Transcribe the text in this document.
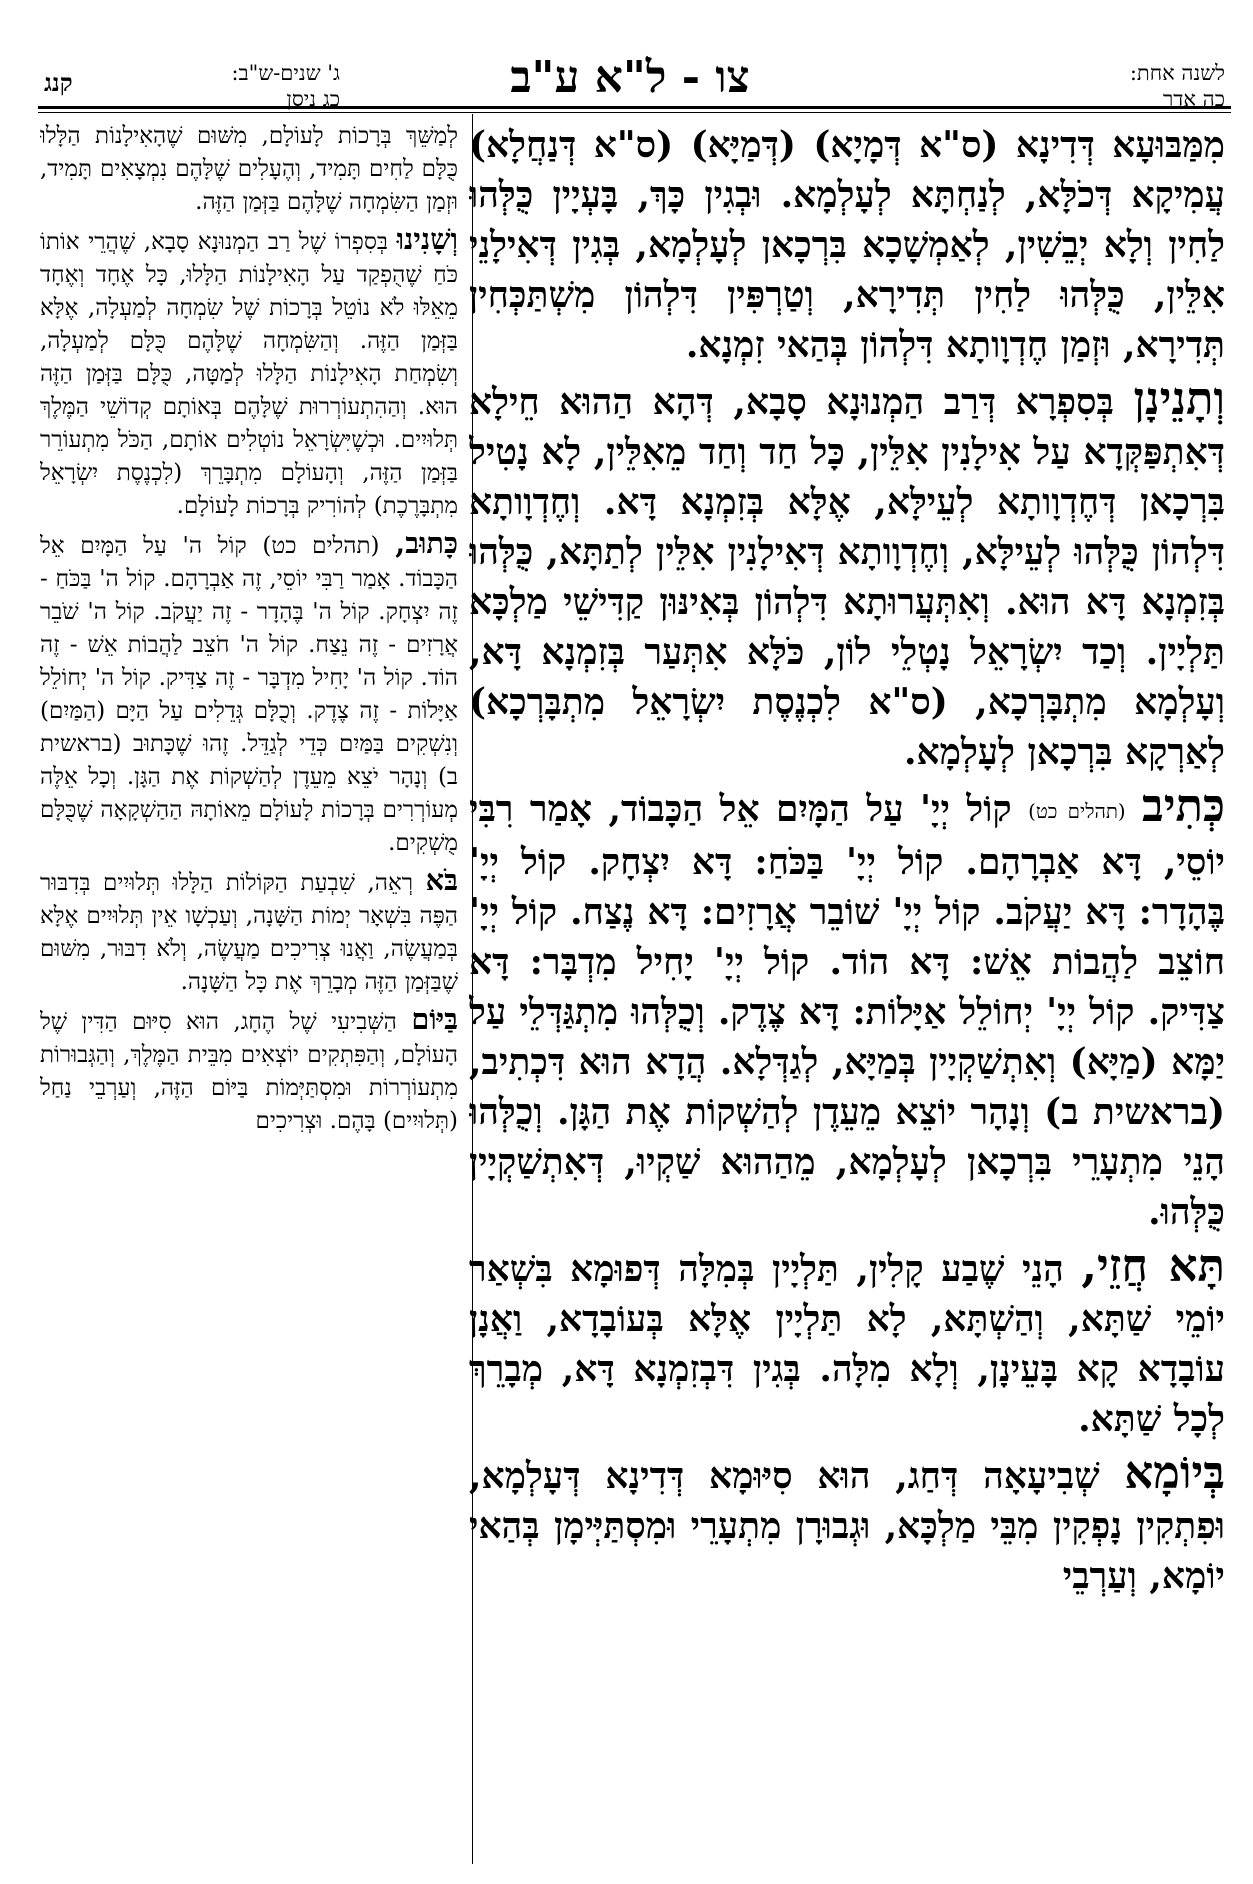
לשנה אחת:
כה אדר
צו - ל"א ע"ב
ג' שנים-ש"ב:
כג ניסן
קנג

מִמַּבּוּעָא דְּדִינָא (ס"א דְּמָיָא) (דְּמַיָּא) (ס"א דְּנַחֲלָא) עֲמִיקָא דְּכֹלָּא, לְנַחְתָּא לְעָלְמָא. וּבְגִין כָּךְ, בָּעְיָין כֻּלְּהוּ לַחִין וְלָא יְבֵשִׁין, לְאַמְשָׁכָא בִּרְכָאן לְעָלְמָא, בְּגִין דְּאִילָנֵי אִלֵּין, כֻּלְּהוּ לַחִין תְּדִירָא, וְטַרְפִּין דִּלְהוֹן מִשְׁתַּכְּחִין תְּדִירָא, וּזְמַן חֶדְוָותָא דִּלְהוֹן בְּהַאי זִמְנָא.

וְתָנֵינָן בְּסִפְרָא דְּרַב הַמְנוּנָא סָבָא, דְּהָא הַהוּא חֵילָא דְּאִתְפַּקְּדָא עַל אִילָנִין אִלֵּין, כָּל חַד וְחַד מֵאִלֵּין, לָא נָטִיל בִּרְכָאן דְּחֶדְוָותָא לְעֵילָּא, אֶלָּא בְּזִמְנָא דָּא. וְחֶדְוָותָא דִּלְהוֹן כֻּלְּהוּ לְעֵילָּא, וְחֶדְוָותָא דְּאִילָנִין אִלֵּין לְתַתָּא, כֻּלְּהוּ בְּזִמְנָא דָּא הוּא. וְאִתְּעֲרוּתָא דִּלְהוֹן בְּאִינּוּן קַדִּישֵׁי מַלְכָּא תַּלְיָין. וְכַד יִשְׂרָאֵל נָטְלֵי לוֹן, כֹּלָּא אִתְּעַר בְּזִמְנָא דָּא, וְעָלְמָא מִתְבָּרְכָא, (ס"א לִכְנֶסֶת יִשְׂרָאֵל מִתְבָּרְכָא) לְאַרְקָא בִּרְכָאן לְעָלְמָא.

כְּתִיב (תהלים כט) קוֹל יְיָ' עַל הַמָּיִם אֵל הַכָּבוֹד, אָמַר רִבִּי יוֹסֵי, דָּא אַבְרָהָם. קוֹל יְיָ' בַּכֹּחַ: דָּא יִצְחָק. קוֹל יְיָ' בֶּהָדָר: דָּא יַעֲקֹב. קוֹל יְיָ' שׁוֹבֵר אֲרָזִים: דָּא נֶצַח. קוֹל יְיָ' חוֹצֵב לַהֲבוֹת אֵשׁ: דָּא הוֹד. קוֹל יְיָ' יָחִיל מִדְבָּר: דָּא צַדִּיק. קוֹל יְיָ' יְחוֹלֵל אַיָּלוֹת: דָּא צֶדֶק. וְכֻלְּהוּ מִתְגַּדְּלֵי עַל יַמָּא (מַיָּא) וְאִתְשַׁקְיָין בְּמַיָּא, לְגַדְּלָא. הֲדָא הוּא דִּכְתִיב, (בראשית ב) וְנָהָר יוֹצֵא מֵעֵדֶן לְהַשְׁקוֹת אֶת הַגָּן. וְכֻלְּהוּ הָנֵי מִתְעָרֵי בִּרְכָאן לְעָלְמָא, מֵהַהוּא שַׁקְיוּ, דְּאִתְשַׁקְיָין כֻּלְּהוּ.

תָּא חֲזֵי, הָנֵי שֶׁבַע קָלִין, תַּלְיָין בְּמִלָּה דְּפוּמָא בִּשְׁאַר יוֹמֵי שַׁתָּא, וְהַשְׁתָּא, לָא תַּלְיָין אֶלָּא בְּעוֹבָדָא, וַאֲנָן עוֹבָדָא קָא בָּעֵינָן, וְלָא מִלָּה. בְּגִין דִּבְזִמְנָא דָּא, מְבָרֵךְ לְכָל שַׁתָּא.

בְּיוֹמָא שְׁבִיעָאָה דְּחַג, הוּא סִיּוּמָא דְּדִינָא דְּעָלְמָא, וּפִתְקִין נָפְקִין מִבֵּי מַלְכָּא, וּגְבוּרָן מִתְעָרֵי וּמִסְתַּיְּימָן בְּהַאי יוֹמָא, וְעַרְבֵי

לְמַשֵּׁךְ בְּרָכוֹת לָעוֹלָם, מִשּׁוּם שֶׁהָאִילָנוֹת הַלָּלוּ כֻּלָּם לַחִים תָּמִיד, וְהֶעָלִים שֶׁלָּהֶם נִמְצָאִים תָּמִיד, וּזְמַן הַשִּׂמְחָה שֶׁלָּהֶם בַּזְּמַן הַזֶּה.

וְשָׁנִינוּ בְּסִפְרוֹ שֶׁל רַב הַמְנוּנָא סָבָא, שֶׁהֲרֵי אוֹתוֹ כֹּחַ שֶׁהֻפְקַד עַל הָאִילָנוֹת הַלָּלוּ, כָּל אֶחָד וְאֶחָד מֵאֵלּוּ לֹא נוֹטֵל בְּרָכוֹת שֶׁל שִׂמְחָה לְמַעְלָה, אֶלָּא בַּזְּמַן הַזֶּה. וְהַשִּׂמְחָה שֶׁלָּהֶם כֻּלָּם לְמַעְלָה, וְשִׂמְחַת הָאִילָנוֹת הַלָּלוּ לְמַטָּה, כֻּלָּם בַּזְּמַן הַזֶּה הוּא. וְהַהִתְעוֹרְרוּת שֶׁלָּהֶם בְּאוֹתָם קְדוֹשֵׁי הַמֶּלֶךְ תְּלוּיִים. וּכְשֶׁיִּשְׂרָאֵל נוֹטְלִים אוֹתָם, הַכֹּל מִתְעוֹרֵר בַּזְּמַן הַזֶּה, וְהָעוֹלָם מִתְבָּרֵךְ (לִכְנֶסֶת יִשְׂרָאֵל מִתְבָּרֶכֶת) לְהוֹרִיק בְּרָכוֹת לָעוֹלָם.

כָּתוּב, (תהלים כט) קוֹל ה' עַל הַמָּיִם אֵל הַכָּבוֹד. אָמַר רַבִּי יוֹסֵי, זֶה אַבְרָהָם. קוֹל ה' בַּכֹּחַ - זֶה יִצְחָק. קוֹל ה' בֶּהָדָר - זֶה יַעֲקֹב. קוֹל ה' שֹׁבֵר אֲרָזִים - זֶה נֵצַח. קוֹל ה' חֹצֵב לַהֲבוֹת אֵשׁ - זֶה הוֹד. קוֹל ה' יָחִיל מִדְבָּר - זֶה צַדִּיק. קוֹל ה' יְחוֹלֵל אַיָּלוֹת - זֶה צֶדֶק. וְכֻלָּם גְּדֵלִים עַל הַיָּם (הַמַּיִם) וְנִשְׁקִים בַּמַּיִם כְּדֵי לְגַדֵּל. זֶהוּ שֶׁכָּתוּב (בראשית ב) וְנָהָר יֹצֵא מֵעֵדֶן לְהַשְׁקוֹת אֶת הַגָּן. וְכָל אֵלֶּה מְעוֹרְרִים בְּרָכוֹת לָעוֹלָם מֵאוֹתָהּ הַהַשְׁקָאָה שֶׁכֻּלָּם מֻשְׁקִים.

בֹּא רְאֵה, שִׁבְעַת הַקּוֹלוֹת הַלָּלוּ תְּלוּיִים בְּדִבּוּר הַפֶּה בִּשְׁאָר יְמוֹת הַשָּׁנָה, וְעַכְשָׁו אֵין תְּלוּיִים אֶלָּא בְּמַעֲשֶׂה, וַאֲנוּ צְרִיכִים מַעֲשֶׂה, וְלֹא דִבּוּר, מִשּׁוּם שֶׁבַּזְּמַן הַזֶּה מְבָרֵךְ אֶת כָּל הַשָּׁנָה.

בַּיּוֹם הַשְּׁבִיעִי שֶׁל הֶחָג, הוּא סִיּוּם הַדִּין שֶׁל הָעוֹלָם, וְהַפִּתְקִים יוֹצְאִים מִבֵּית הַמֶּלֶךְ, וְהַגְּבוּרוֹת מִתְעוֹרְרוֹת וּמִסְתַּיְּמוֹת בַּיּוֹם הַזֶּה, וְעַרְבֵי נַחַל (תְּלוּיִים) בָּהֶם. וּצְרִיכִים
